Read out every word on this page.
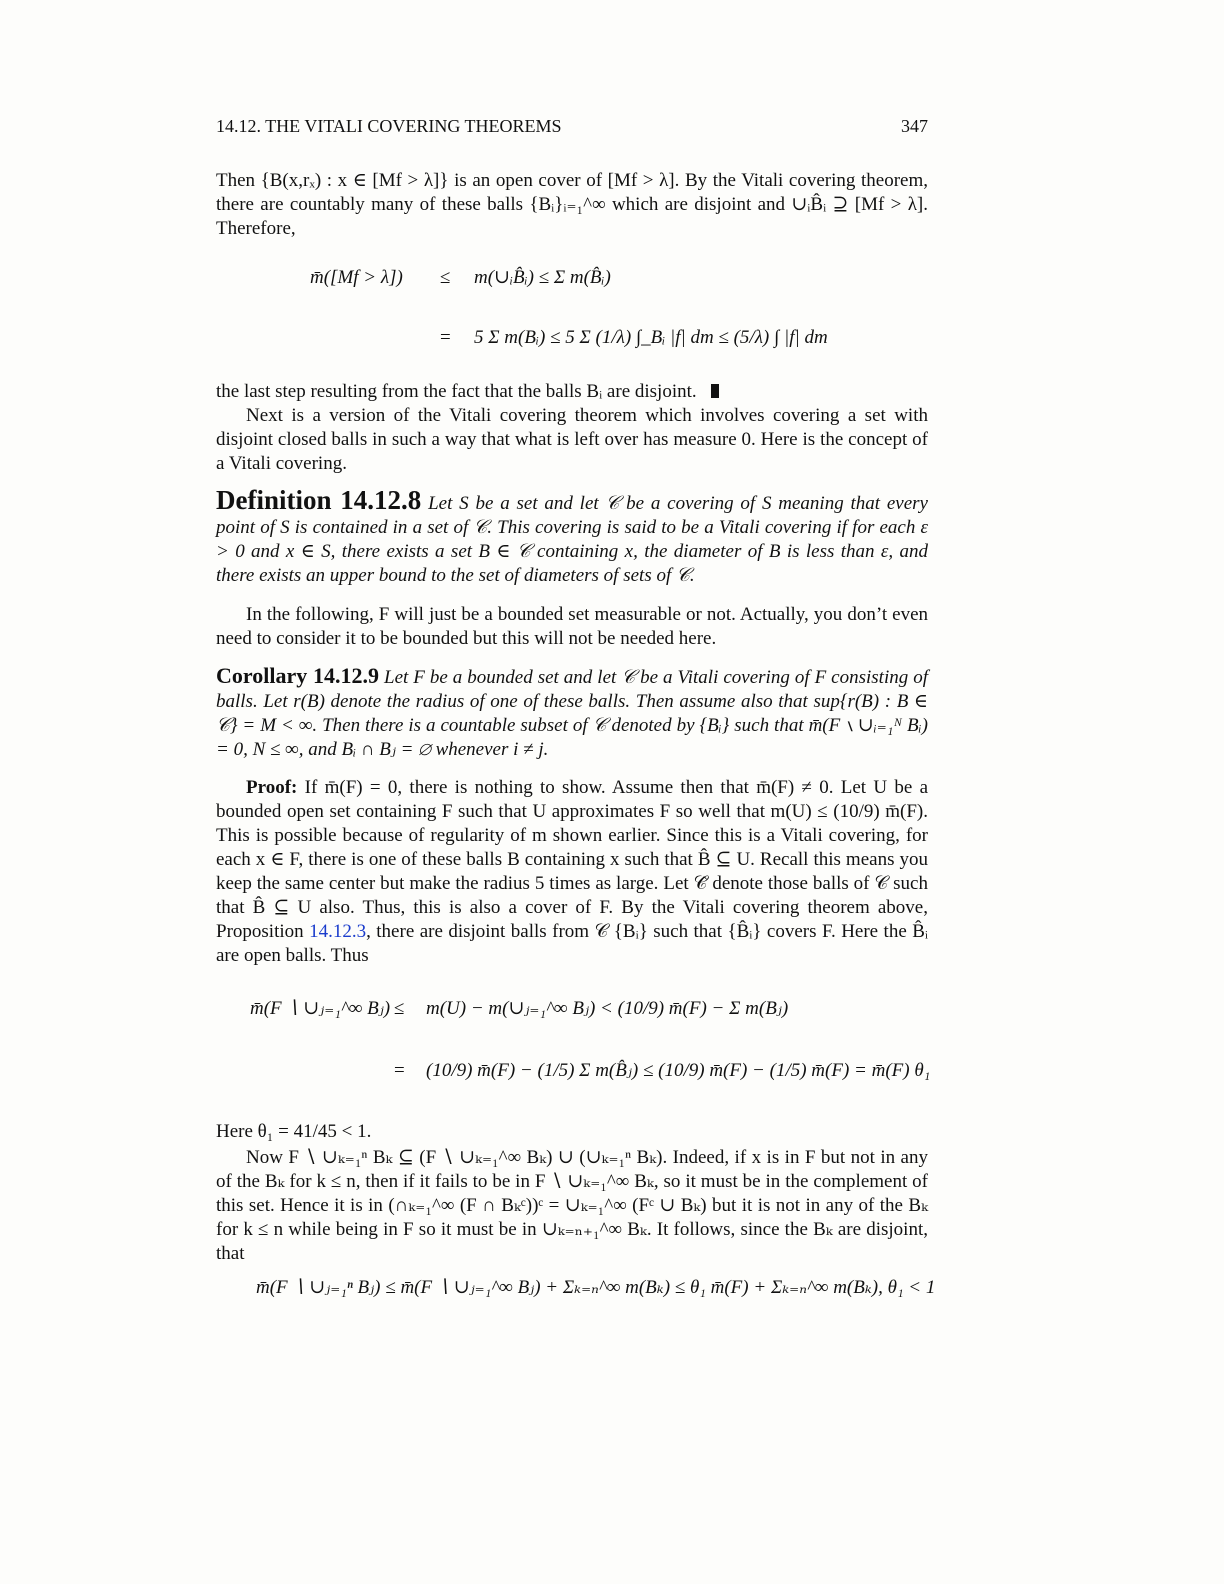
14.12. THE VITALI COVERING THEOREMS	347

Then {B(x,rₓ) : x ∈ [Mf > λ]} is an open cover of [Mf > λ]. By the Vitali covering theorem, there are countably many of these balls {Bᵢ}ᵢ₌₁^∞ which are disjoint and ∪ᵢB̂ᵢ ⊇ [Mf > λ]. Therefore,

m̄([Mf > λ]) ≤ m(∪ᵢB̂ᵢ) ≤ Σ m(B̂ᵢ)
= 5 Σ m(Bᵢ) ≤ 5 Σ (1/λ) ∫_Bᵢ |f| dm ≤ (5/λ) ∫ |f| dm

the last step resulting from the fact that the balls Bᵢ are disjoint.

Next is a version of the Vitali covering theorem which involves covering a set with disjoint closed balls in such a way that what is left over has measure 0. Here is the concept of a Vitali covering.

Definition 14.12.8 Let S be a set and let 𝒞 be a covering of S meaning that every point of S is contained in a set of 𝒞. This covering is said to be a Vitali covering if for each ε > 0 and x ∈ S, there exists a set B ∈ 𝒞 containing x, the diameter of B is less than ε, and there exists an upper bound to the set of diameters of sets of 𝒞.

In the following, F will just be a bounded set measurable or not. Actually, you don’t even need to consider it to be bounded but this will not be needed here.

Corollary 14.12.9 Let F be a bounded set and let 𝒞 be a Vitali covering of F consisting of balls. Let r(B) denote the radius of one of these balls. Then assume also that sup{r(B) : B ∈ 𝒞} = M < ∞. Then there is a countable subset of 𝒞 denoted by {Bᵢ} such that m̄(F ∖ ∪ᵢ₌₁ᴺ Bᵢ) = 0, N ≤ ∞, and Bᵢ ∩ Bⱼ = ∅ whenever i ≠ j.

Proof: If m̄(F) = 0, there is nothing to show. Assume then that m̄(F) ≠ 0. Let U be a bounded open set containing F such that U approximates F so well that m(U) ≤ (10/9) m̄(F). This is possible because of regularity of m shown earlier. Since this is a Vitali covering, for each x ∈ F, there is one of these balls B containing x such that B̂ ⊆ U. Recall this means you keep the same center but make the radius 5 times as large. Let 𝒞̂ denote those balls of 𝒞 such that B̂ ⊆ U also. Thus, this is also a cover of F. By the Vitali covering theorem above, Proposition 14.12.3, there are disjoint balls from 𝒞 {Bᵢ} such that {B̂ᵢ} covers F. Here the B̂ᵢ are open balls. Thus

m̄(F ∖ ∪ⱼ₌₁^∞ Bⱼ) ≤ m(U) − m(∪ⱼ₌₁^∞ Bⱼ) < (10/9) m̄(F) − Σ m(Bⱼ)
= (10/9) m̄(F) − (1/5) Σ m(B̂ⱼ) ≤ (10/9) m̄(F) − (1/5) m̄(F) = m̄(F) θ₁

Here θ₁ = 41/45 < 1.

Now F ∖ ∪ₖ₌₁ⁿ Bₖ ⊆ (F ∖ ∪ₖ₌₁^∞ Bₖ) ∪ (∪ₖ₌₁ⁿ Bₖ). Indeed, if x is in F but not in any of the Bₖ for k ≤ n, then if it fails to be in F ∖ ∪ₖ₌₁^∞ Bₖ, so it must be in the complement of this set. Hence it is in (∩ₖ₌₁^∞ (F ∩ Bₖᶜ))ᶜ = ∪ₖ₌₁^∞ (Fᶜ ∪ Bₖ) but it is not in any of the Bₖ for k ≤ n while being in F so it must be in ∪ₖ₌ₙ₊₁^∞ Bₖ. It follows, since the Bₖ are disjoint, that

m̄(F ∖ ∪ⱼ₌₁ⁿ Bⱼ) ≤ m̄(F ∖ ∪ⱼ₌₁^∞ Bⱼ) + Σₖ₌ₙ^∞ m(Bₖ) ≤ θ₁ m̄(F) + Σₖ₌ₙ^∞ m(Bₖ), θ₁ < 1
